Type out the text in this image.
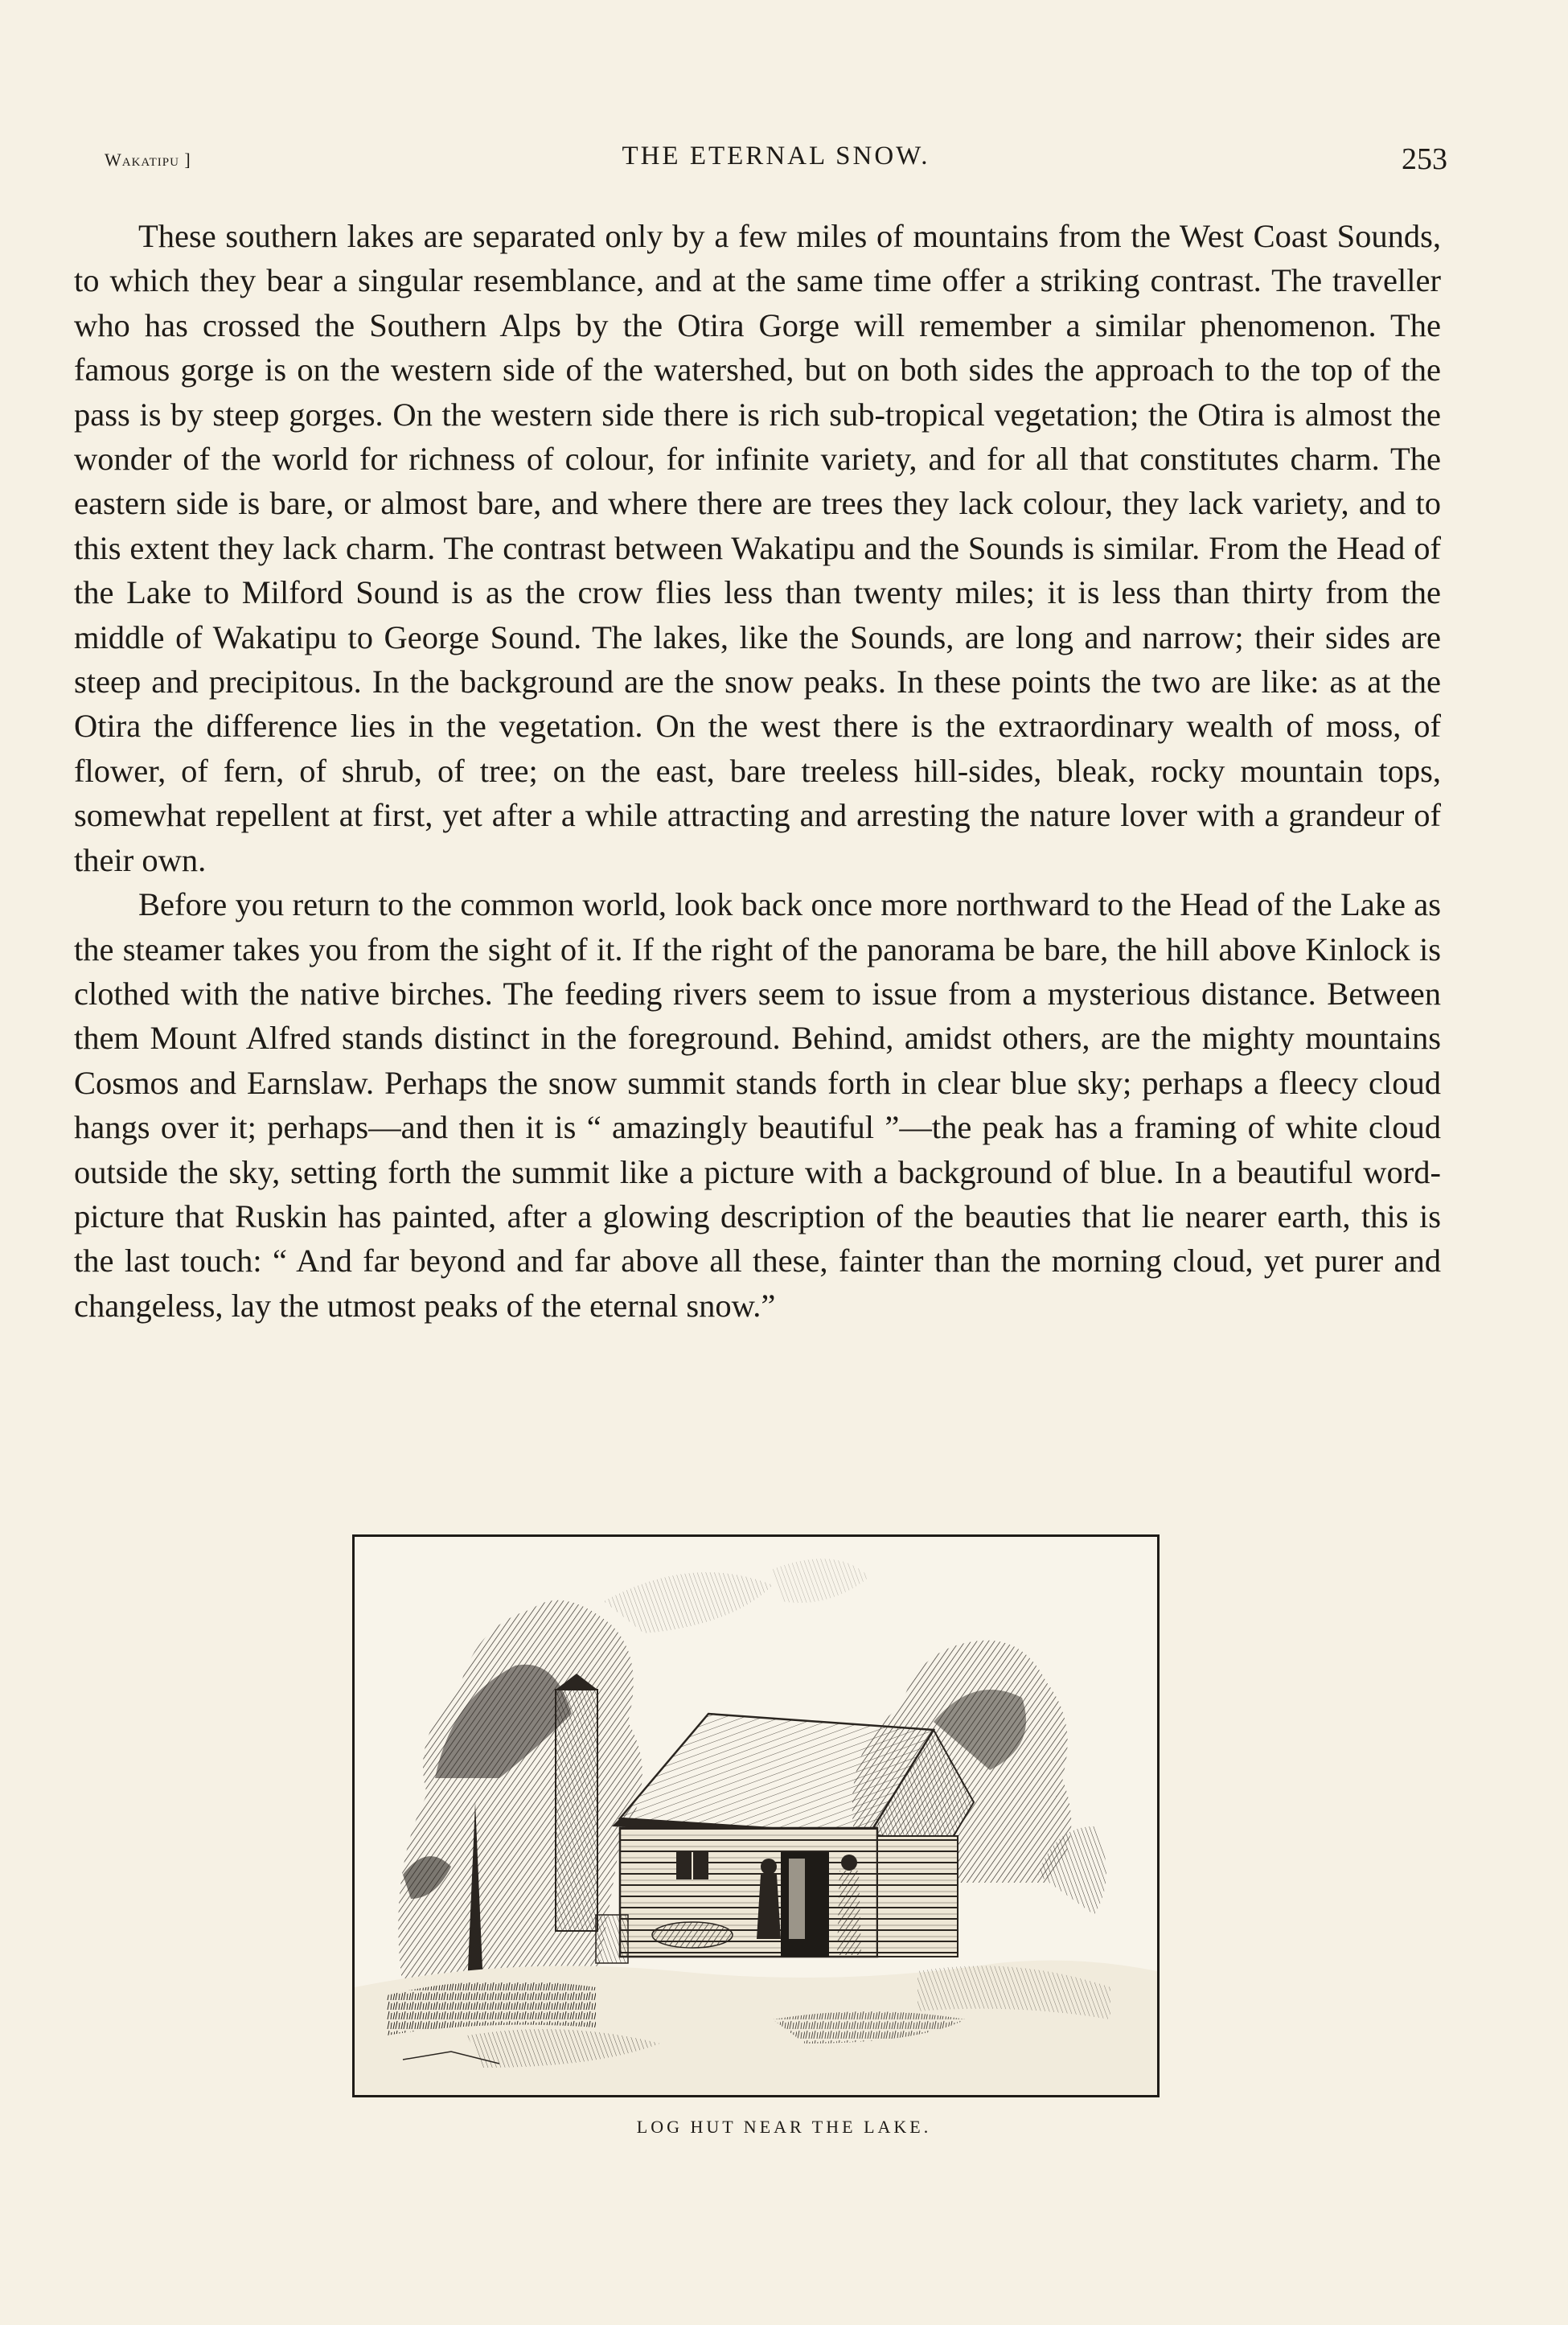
Wakatipu ]	THE ETERNAL SNOW.	253

These southern lakes are separated only by a few miles of mountains from the West Coast Sounds, to which they bear a singular resemblance, and at the same time offer a striking contrast. The traveller who has crossed the Southern Alps by the Otira Gorge will remember a similar phenomenon. The famous gorge is on the western side of the watershed, but on both sides the approach to the top of the pass is by steep gorges. On the western side there is rich sub-tropical vegetation; the Otira is almost the wonder of the world for richness of colour, for infinite variety, and for all that constitutes charm. The eastern side is bare, or almost bare, and where there are trees they lack colour, they lack variety, and to this extent they lack charm. The contrast between Wakatipu and the Sounds is similar. From the Head of the Lake to Milford Sound is as the crow flies less than twenty miles; it is less than thirty from the middle of Wakatipu to George Sound. The lakes, like the Sounds, are long and narrow; their sides are steep and precipitous. In the background are the snow peaks. In these points the two are like: as at the Otira the difference lies in the vegetation. On the west there is the extraordinary wealth of moss, of flower, of fern, of shrub, of tree; on the east, bare treeless hill-sides, bleak, rocky mountain tops, somewhat repellent at first, yet after a while attracting and arresting the nature lover with a grandeur of their own.

Before you return to the common world, look back once more northward to the Head of the Lake as the steamer takes you from the sight of it. If the right of the panorama be bare, the hill above Kinlock is clothed with the native birches. The feeding rivers seem to issue from a mysterious distance. Between them Mount Alfred stands distinct in the foreground. Behind, amidst others, are the mighty mountains Cosmos and Earnslaw. Perhaps the snow summit stands forth in clear blue sky; perhaps a fleecy cloud hangs over it; perhaps—and then it is “ amazingly beautiful ”—the peak has a framing of white cloud outside the sky, setting forth the summit like a picture with a background of blue. In a beautiful word-picture that Ruskin has painted, after a glowing description of the beauties that lie nearer earth, this is the last touch: “ And far beyond and far above all these, fainter than the morning cloud, yet purer and changeless, lay the utmost peaks of the eternal snow.”

LOG HUT NEAR THE LAKE.
